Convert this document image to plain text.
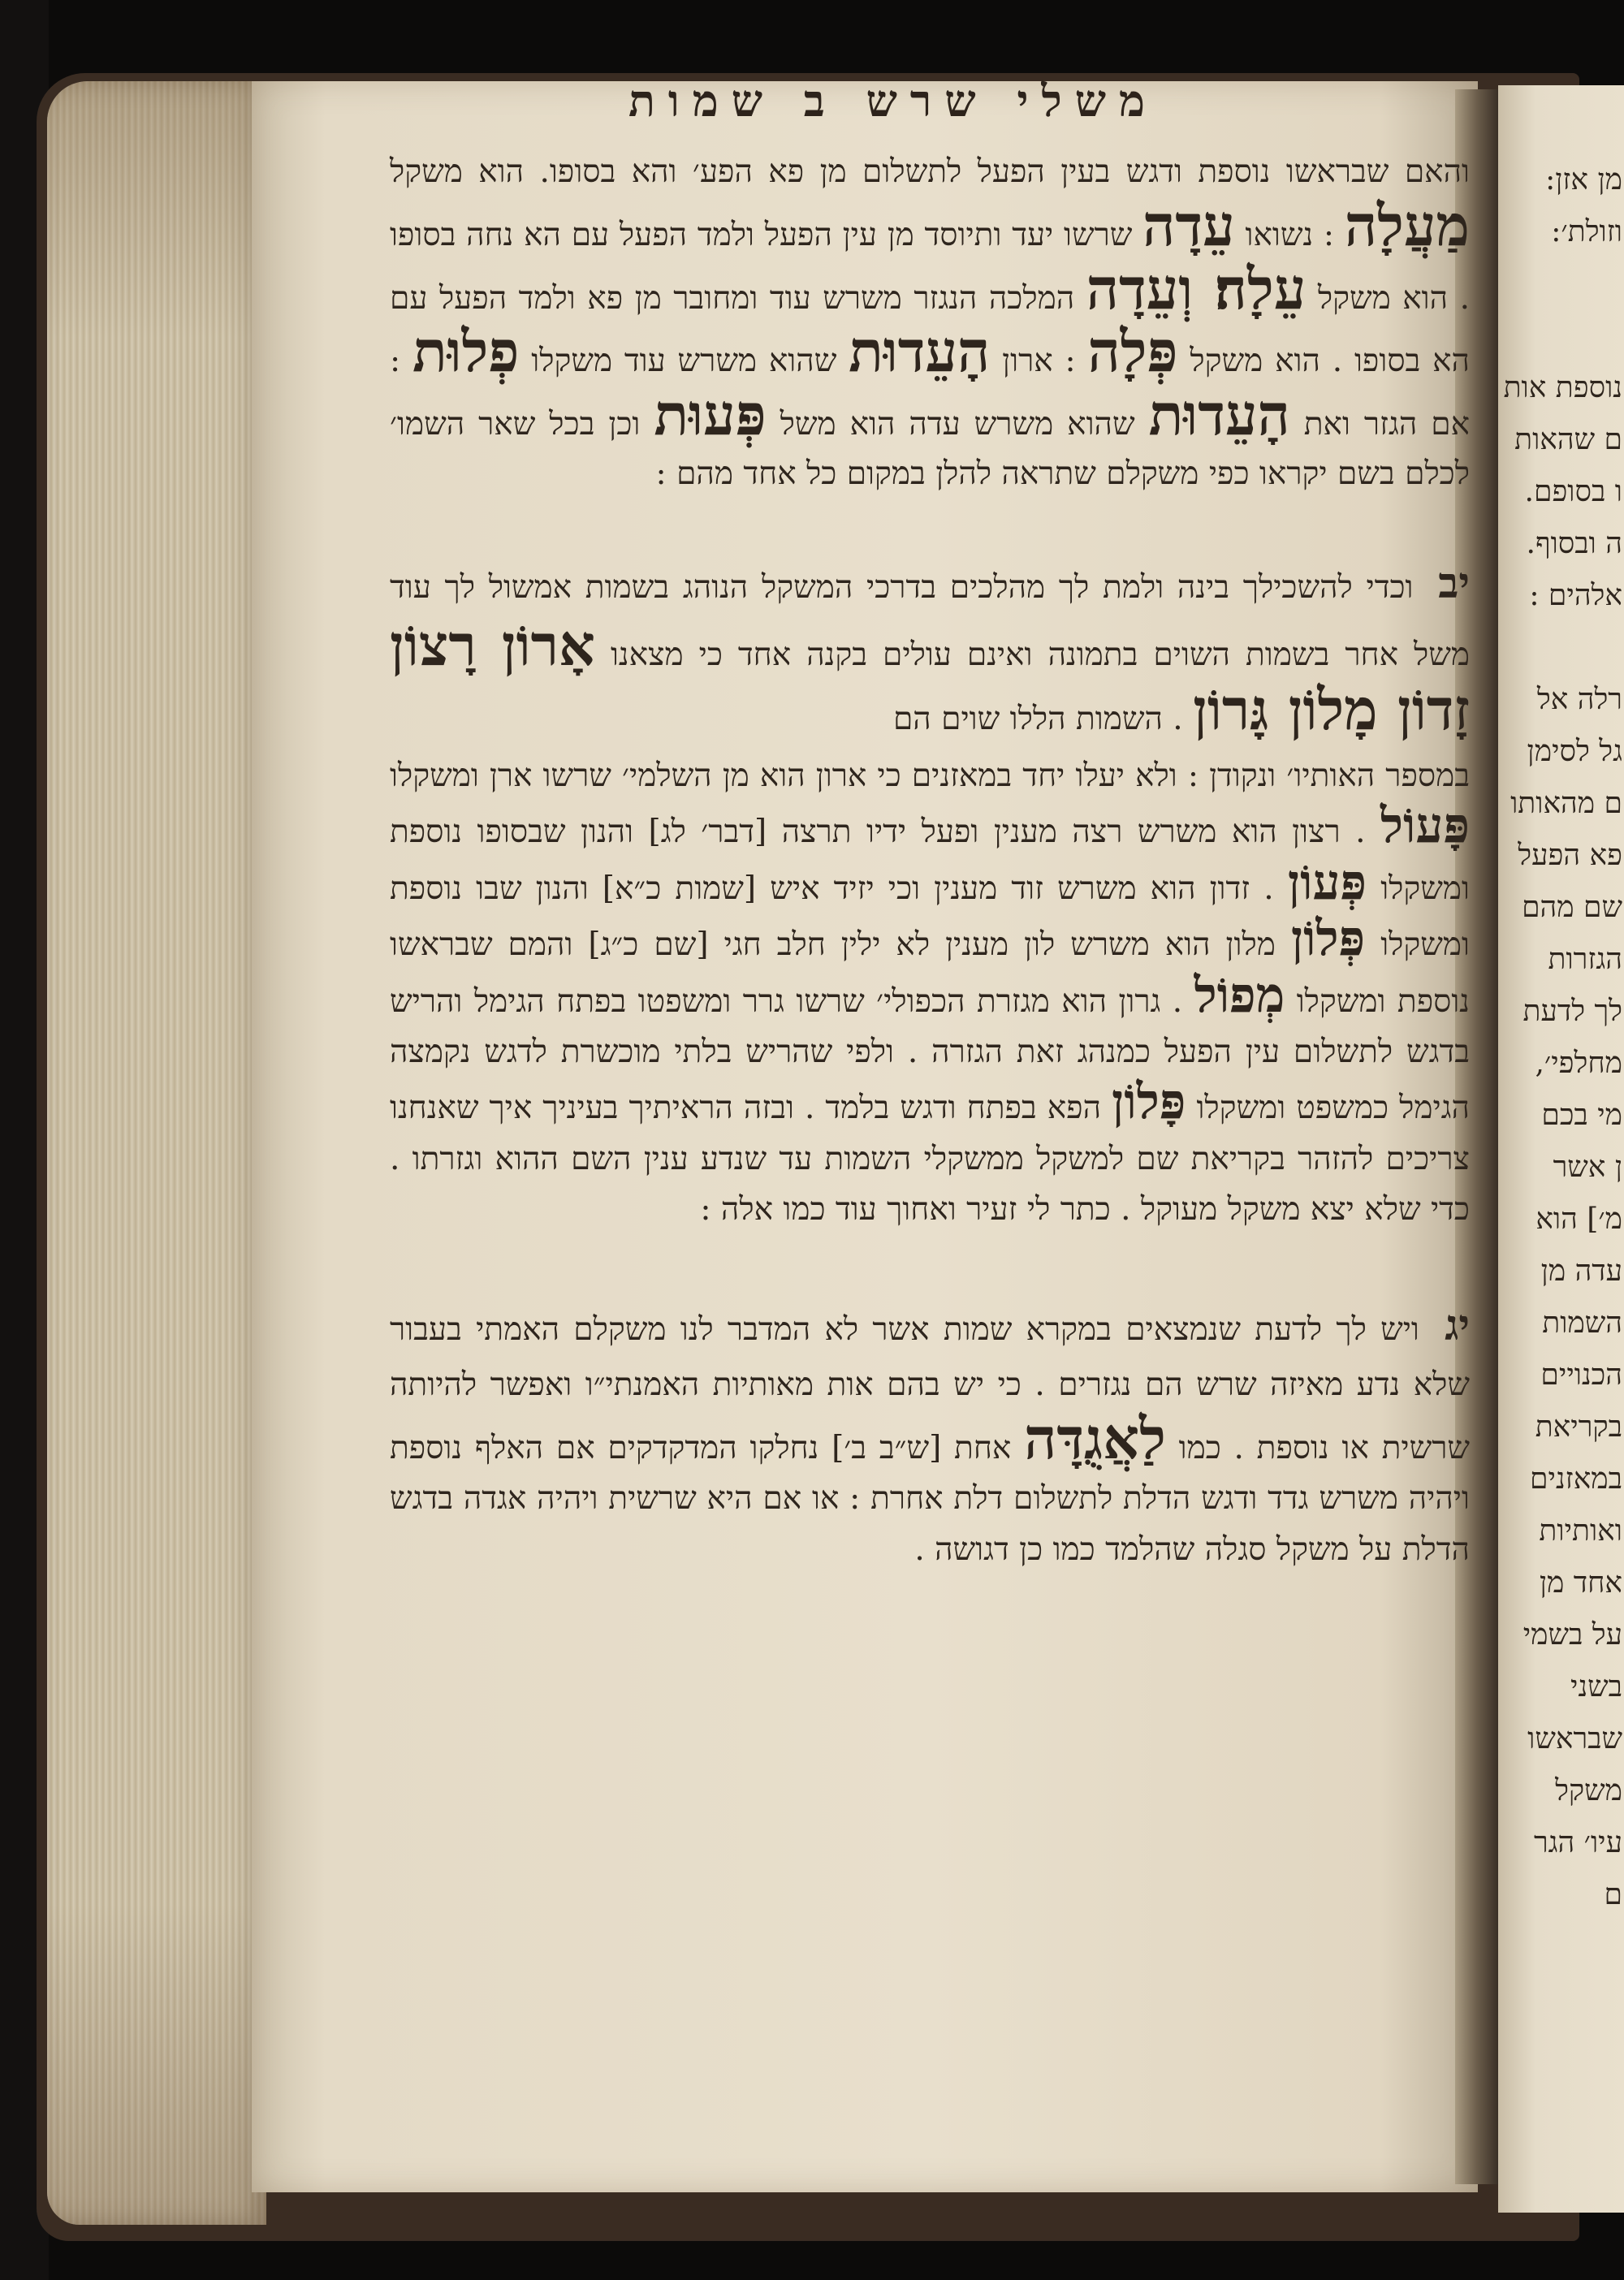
משלי שרש ב שמות

והאם שבראשו נוספת ודגש בעין הפעל לתשלום מן פא הפע׳ והא בסופו. הוא משקל מַעֲלָה : נשואו עֵדָה שרשו יעד ותיוסד מן עין הפעל ולמד הפעל עם הא נחה בסופו . הוא משקל עֵלָה׃ וְעֵדָה המלכה הנגזר משרש עוד ומחובר מן פא ולמד הפעל עם הא בסופו . הוא משקל פְּלָה : ארון הָעֵדוּת שהוא משרש עוד משקלו פְלוּת : אם הגזר ואת הָעֵדוּת שהוא משרש עדה הוא משל פְּעוּת וכן בכל שאר השמו׳ לכלם בשם יקראו כפי משקלם שתראה להלן במקום כל אחד מהם :

יב וכדי להשכילך בינה ולמת לך מהלכים בדרכי המשקל הנוהג בשמות אמשול לך עוד משל אחר בשמות השוים בתמונה ואינם עולים בקנה אחד כי מצאנו אָרוֹן רָצוֹן זָדוֹן מָלוֹן גָּרוֹן . השמות הללו שוים הם

במספר האותיו׳ ונקודן : ולא יעלו יחד במאזנים כי ארון הוא מן השלמי׳ שרשו ארן ומשקלו פָּעוֹל . רצון הוא משרש רצה מענין ופעל ידיו תרצה [דבר׳ לג] והנון שבסופו נוספת ומשקלו פְּעוֹן . זדון הוא משרש זוד מענין וכי יזיד איש [שמות כ״א] והנון שבו נוספת ומשקלו פְּלוֹן מלון הוא משרש לון מענין לא ילין חלב חגי [שם כ״ג] והמם שבראשו נוספת ומשקלו מְפוֹל . גרון הוא מגזרת הכפולי׳ שרשו גרר ומשפטו בפתח הגימל והריש בדגש לתשלום עין הפעל כמנהג זאת הגזרה . ולפי שהריש בלתי מוכשרת לדגש נקמצה הגימל כמשפט ומשקלו פָּלוֹן הפא בפתח ודגש בלמד . ובזה הראיתיך בעיניך איך שאנחנו צריכים להזהר בקריאת שם למשקל ממשקלי השמות עד שנדע ענין השם ההוא וגזרתו . כדי שלא יצא משקל מעוקל . כתר לי זעיר ואחוך עוד כמו אלה :

יג ויש לך לדעת שנמצאים במקרא שמות אשר לא המדבר לנו משקלם האמתי בעבור שלא נדע מאיזה שרש הם נגזרים . כי יש בהם אות מאותיות האמנתי״ו ואפשר להיותה שרשית או נוספת . כמו לַאֲגֻדָּה אחת [ש״ב ב׳] נחלקו המדקדקים אם האלף נוספת ויהיה משרש גדד ודגש הדלת לתשלום דלת אחרת : או אם היא שרשית ויהיה אגדה בדגש הדלת על משקל סגלה שהלמד כמו כן דגושה .

מן אזן:
וזולת׳:
נוספת אות
ם שהאות
ו בסופם.
ה ובסוף.
אלהים :
רלה אל
גל לסימן
ם מהאותו
פא הפעל
שם מהם
הגזרות
לך לדעת
מחלפי׳,
מי בכם
ן אשר
מ׳] הוא
עדה מן
השמות
הכנויים
בקריאת
במאזנים
ואותיות
אחד מן
על בשמי
בשני
שבראשו
משקל
עיו׳ הגר
ם
